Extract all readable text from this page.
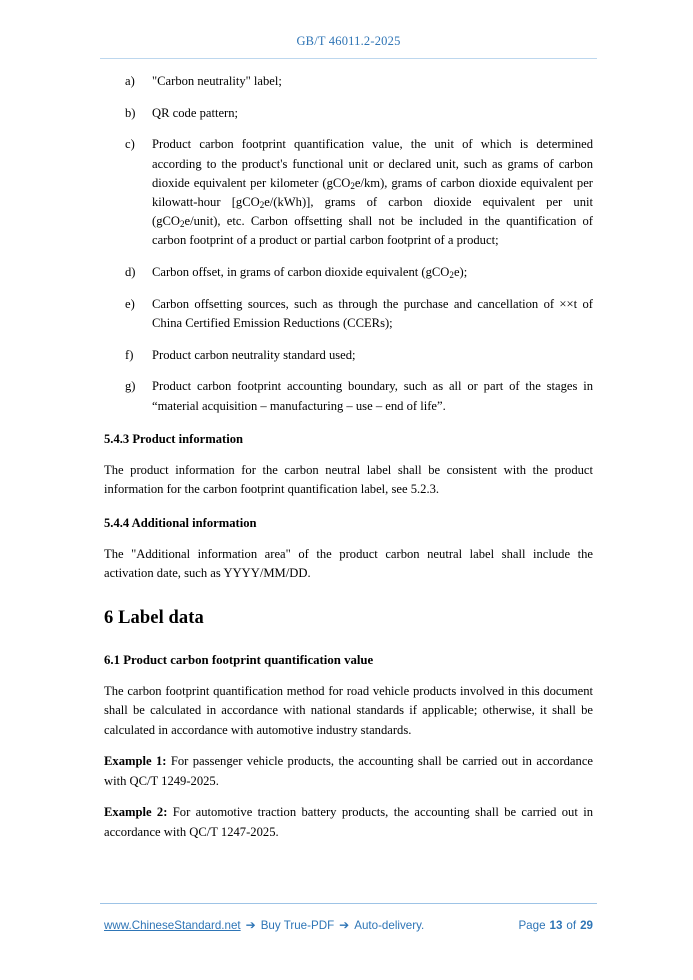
GB/T 46011.2-2025
a)	"Carbon neutrality" label;
b)	QR code pattern;
c)	Product carbon footprint quantification value, the unit of which is determined according to the product's functional unit or declared unit, such as grams of carbon dioxide equivalent per kilometer (gCO$_2$e/km), grams of carbon dioxide equivalent per kilowatt-hour [gCO$_2$e/(kWh)], grams of carbon dioxide equivalent per unit (gCO$_2$e/unit), etc. Carbon offsetting shall not be included in the quantification of carbon footprint of a product or partial carbon footprint of a product;
d)	Carbon offset, in grams of carbon dioxide equivalent (gCO$_2$e);
e)	Carbon offsetting sources, such as through the purchase and cancellation of ××t of China Certified Emission Reductions (CCERs);
f)	Product carbon neutrality standard used;
g)	Product carbon footprint accounting boundary, such as all or part of the stages in “material acquisition – manufacturing – use – end of life”.
5.4.3 Product information

The product information for the carbon neutral label shall be consistent with the product information for the carbon footprint quantification label, see 5.2.3.

5.4.4 Additional information

The "Additional information area" of the product carbon neutral label shall include the activation date, such as YYYY/MM/DD.

6 Label data
6.1 Product carbon footprint quantification value

The carbon footprint quantification method for road vehicle products involved in this document shall be calculated in accordance with national standards if applicable; otherwise, it shall be calculated in accordance with automotive industry standards.

Example 1: For passenger vehicle products, the accounting shall be carried out in accordance with QC/T 1249-2025.

Example 2: For automotive traction battery products, the accounting shall be carried out in accordance with QC/T 1247-2025.

www.ChineseStandard.net ➔ Buy True-PDF ➔ Auto-delivery.	Page 13 of 29
